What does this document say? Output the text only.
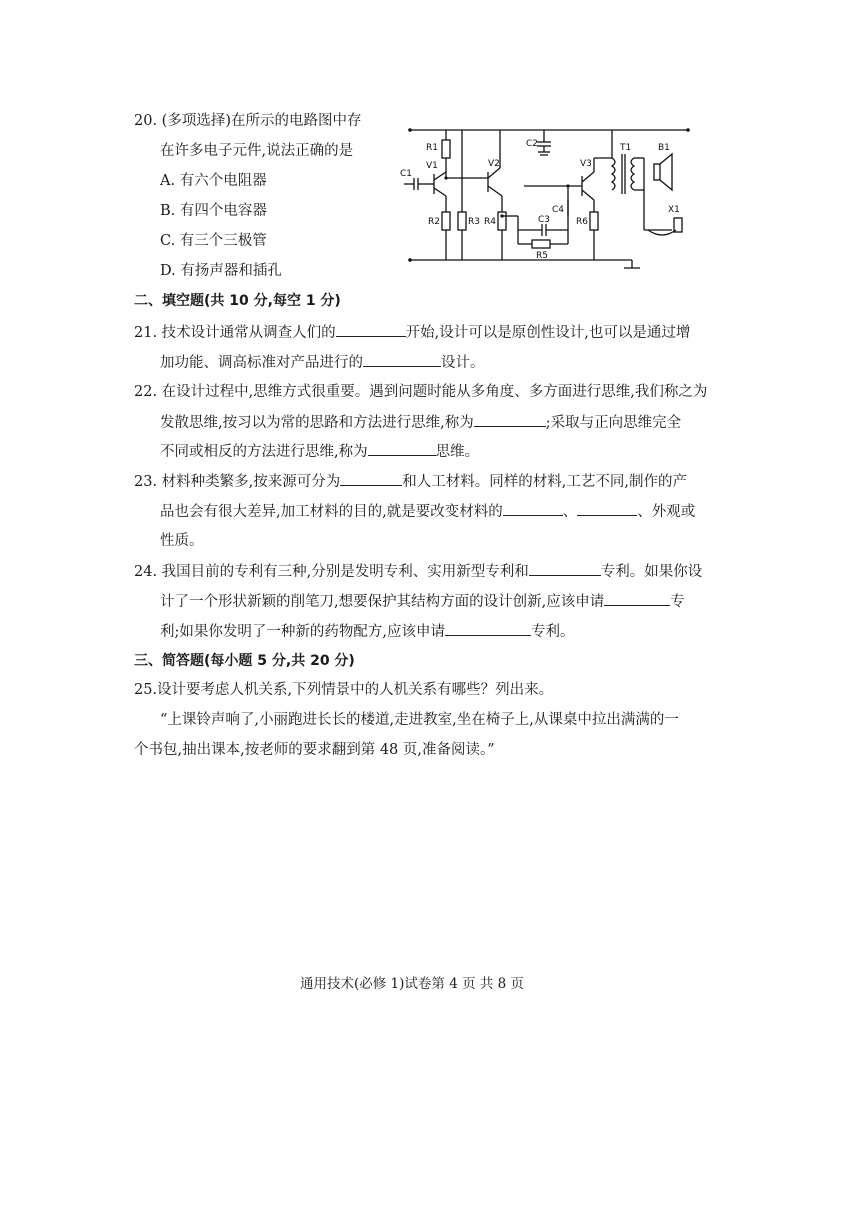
20. (多项选择)在所示的电路图中存
在许多电子元件,说法正确的是
A. 有六个电阻器
B. 有四个电容器
C. 有三个三极管
D. 有扬声器和插孔
R1
V1
C1
R2	R3
V2
R4
C2
C3
R5
C4
V3
R6
T1	B1
X1
二、填空题(共 10 分,每空 1 分)
21. 技术设计通常从调查人们的	开始,设计可以是原创性设计,也可以是通过增
加功能、调高标准对产品进行的	设计。
22. 在设计过程中,思维方式很重要。遇到问题时能从多角度、多方面进行思维,我们称之为
发散思维,按习以为常的思路和方法进行思维,称为	;采取与正向思维完全
不同或相反的方法进行思维,称为	思维。
23. 材料种类繁多,按来源可分为	和人工材料。同样的材料,工艺不同,制作的产
品也会有很大差异,加工材料的目的,就是要改变材料的	、	、外观或
性质。
24. 我国目前的专利有三种,分别是发明专利、实用新型专利和	专利。如果你设
计了一个形状新颖的削笔刀,想要保护其结构方面的设计创新,应该申请	专
利;如果你发明了一种新的药物配方,应该申请	专利。
三、简答题(每小题 5 分,共 20 分)
25.设计要考虑人机关系,下列情景中的人机关系有哪些？列出来。
“上课铃声响了,小丽跑进长长的楼道,走进教室,坐在椅子上,从课桌中拉出满满的一
个书包,抽出课本,按老师的要求翻到第 48 页,准备阅读。”
通用技术(必修 1)试卷第 4 页 共 8 页
